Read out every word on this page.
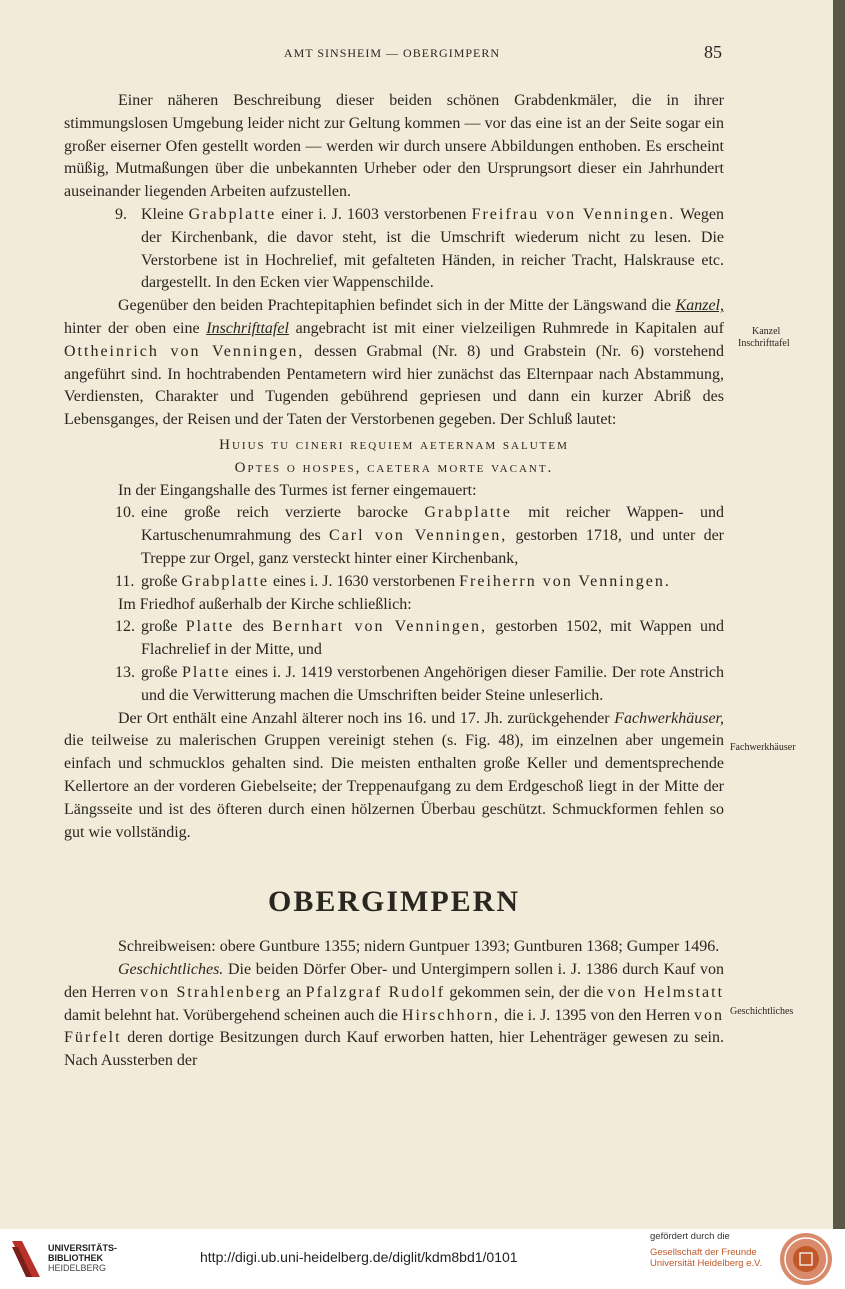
AMT SINSHEIM — OBERGIMPERN	85

Einer näheren Beschreibung dieser beiden schönen Grabdenkmäler, die in ihrer stimmungslosen Umgebung leider nicht zur Geltung kommen — vor das eine ist an der Seite sogar ein großer eiserner Ofen gestellt worden — werden wir durch unsere Abbildungen enthoben. Es erscheint müßig, Mutmaßungen über die unbekannten Urheber oder den Ursprungsort dieser ein Jahrhundert auseinander liegenden Arbeiten aufzustellen.

9. Kleine Grabplatte einer i. J. 1603 verstorbenen Freifrau von Venningen. Wegen der Kirchenbank, die davor steht, ist die Umschrift wiederum nicht zu lesen. Die Verstorbene ist in Hochrelief, mit gefalteten Händen, in reicher Tracht, Halskrause etc. dargestellt. In den Ecken vier Wappenschilde.

Gegenüber den beiden Prachtepitaphien befindet sich in der Mitte der Längswand die Kanzel, hinter der oben eine Inschrifttafel angebracht ist mit einer vielzeiligen Ruhmrede in Kapitalen auf Ottheinrich von Venningen, dessen Grabmal (Nr. 8) und Grabstein (Nr. 6) vorstehend angeführt sind. In hochtrabenden Pentametern wird hier zunächst das Elternpaar nach Abstammung, Verdiensten, Charakter und Tugenden gebührend gepriesen und dann ein kurzer Abriß des Lebensganges, der Reisen und der Taten der Verstorbenen gegeben. Der Schluß lautet:

Huius tu cineri requiem aeternam salutem

Optes o hospes, caetera morte vacant.

In der Eingangshalle des Turmes ist ferner eingemauert:

10. eine große reich verzierte barocke Grabplatte mit reicher Wappen- und Kartuschenumrahmung des Carl von Venningen, gestorben 1718, und unter der Treppe zur Orgel, ganz versteckt hinter einer Kirchenbank,

11. große Grabplatte eines i. J. 1630 verstorbenen Freiherrn von Venningen.

Im Friedhof außerhalb der Kirche schließlich:

12. große Platte des Bernhart von Venningen, gestorben 1502, mit Wappen und Flachrelief in der Mitte, und

13. große Platte eines i. J. 1419 verstorbenen Angehörigen dieser Familie. Der rote Anstrich und die Verwitterung machen die Umschriften beider Steine unleserlich.

Der Ort enthält eine Anzahl älterer noch ins 16. und 17. Jh. zurückgehender Fachwerkhäuser, die teilweise zu malerischen Gruppen vereinigt stehen (s. Fig. 48), im einzelnen aber ungemein einfach und schmucklos gehalten sind. Die meisten enthalten große Keller und dementsprechende Kellertore an der vorderen Giebelseite; der Treppenaufgang zu dem Erdgeschoß liegt in der Mitte der Längsseite und ist des öfteren durch einen hölzernen Überbau geschützt. Schmuckformen fehlen so gut wie vollständig.

OBERGIMPERN

Schreibweisen: obere Guntbure 1355; nidern Guntpuer 1393; Guntburen 1368; Gumper 1496.

Geschichtliches. Die beiden Dörfer Ober- und Untergimpern sollen i. J. 1386 durch Kauf von den Herren von Strahlenberg an Pfalzgraf Rudolf gekommen sein, der die von Helmstatt damit belehnt hat. Vorübergehend scheinen auch die Hirschhorn, die i. J. 1395 von den Herren von Fürfelt deren dortige Besitzungen durch Kauf erworben hatten, hier Lehenträger gewesen zu sein. Nach Aussterben der

Kanzel
Inschrifttafel
Fachwerkhäuser
Geschichtliches
UNIVERSITÄTS-
BIBLIOTHEK
HEIDELBERG
http://digi.ub.uni-heidelberg.de/diglit/kdm8bd1/0101
gefördert durch die
Gesellschaft der Freunde
Universität Heidelberg e.V.
